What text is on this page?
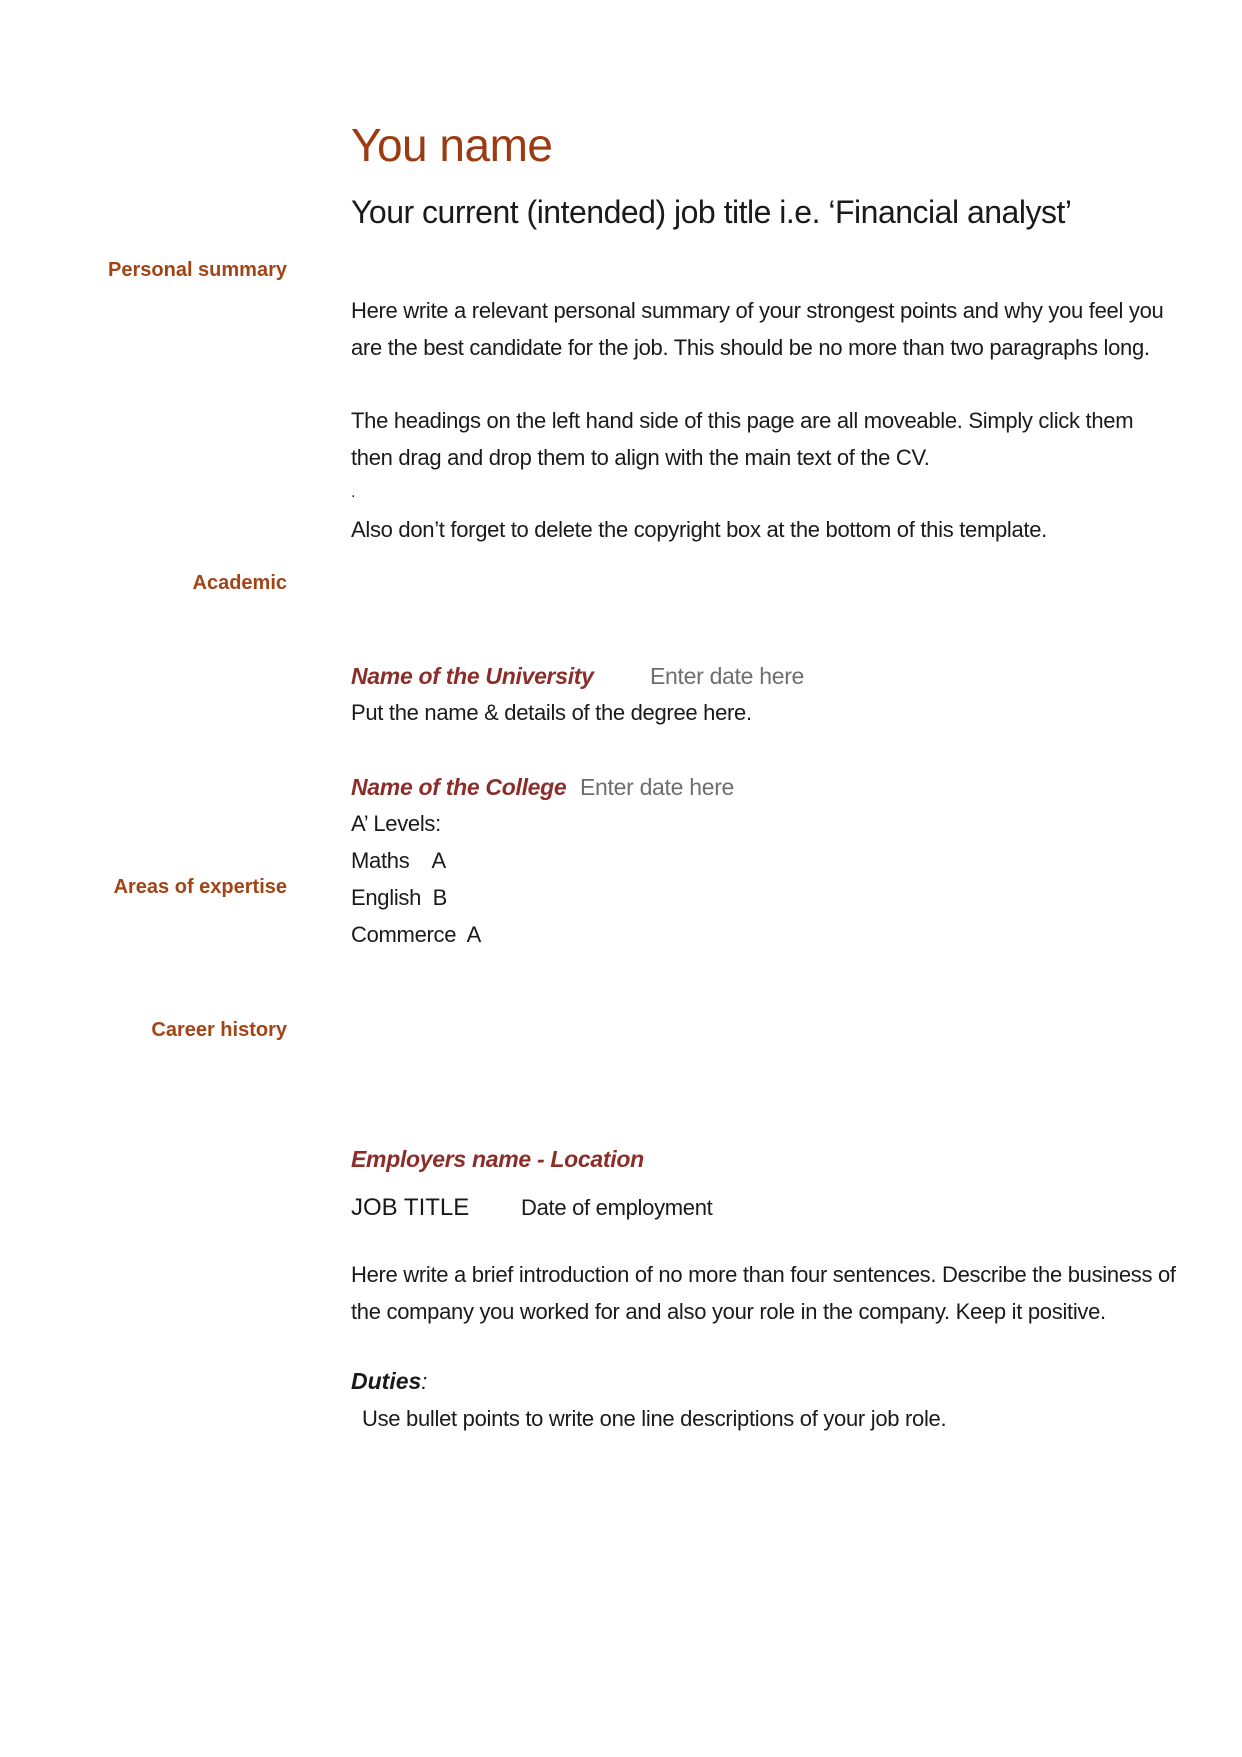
You name
Your current (intended) job title i.e. ‘Financial analyst’
Personal summary
Academic
Areas of expertise
Career history
Here write a relevant personal summary of your strongest points and why you feel you are the best candidate for the job. This should be no more than two paragraphs long.
The headings on the left hand side of this page are all moveable. Simply click them then drag and drop them to align with the main text of the CV.
.
Also don’t forget to delete the copyright box at the bottom of this template.
Name of the University Enter date here
Put the name & details of the degree here.
Name of the College Enter date here
A’ Levels:
Maths    A
English  B
Commerce  A
Employers name - Location
JOB TITLE Date of employment
Here write a brief introduction of no more than four sentences. Describe the business of the company you worked for and also your role in the company. Keep it positive.
Duties:
Use bullet points to write one line descriptions of your job role.
